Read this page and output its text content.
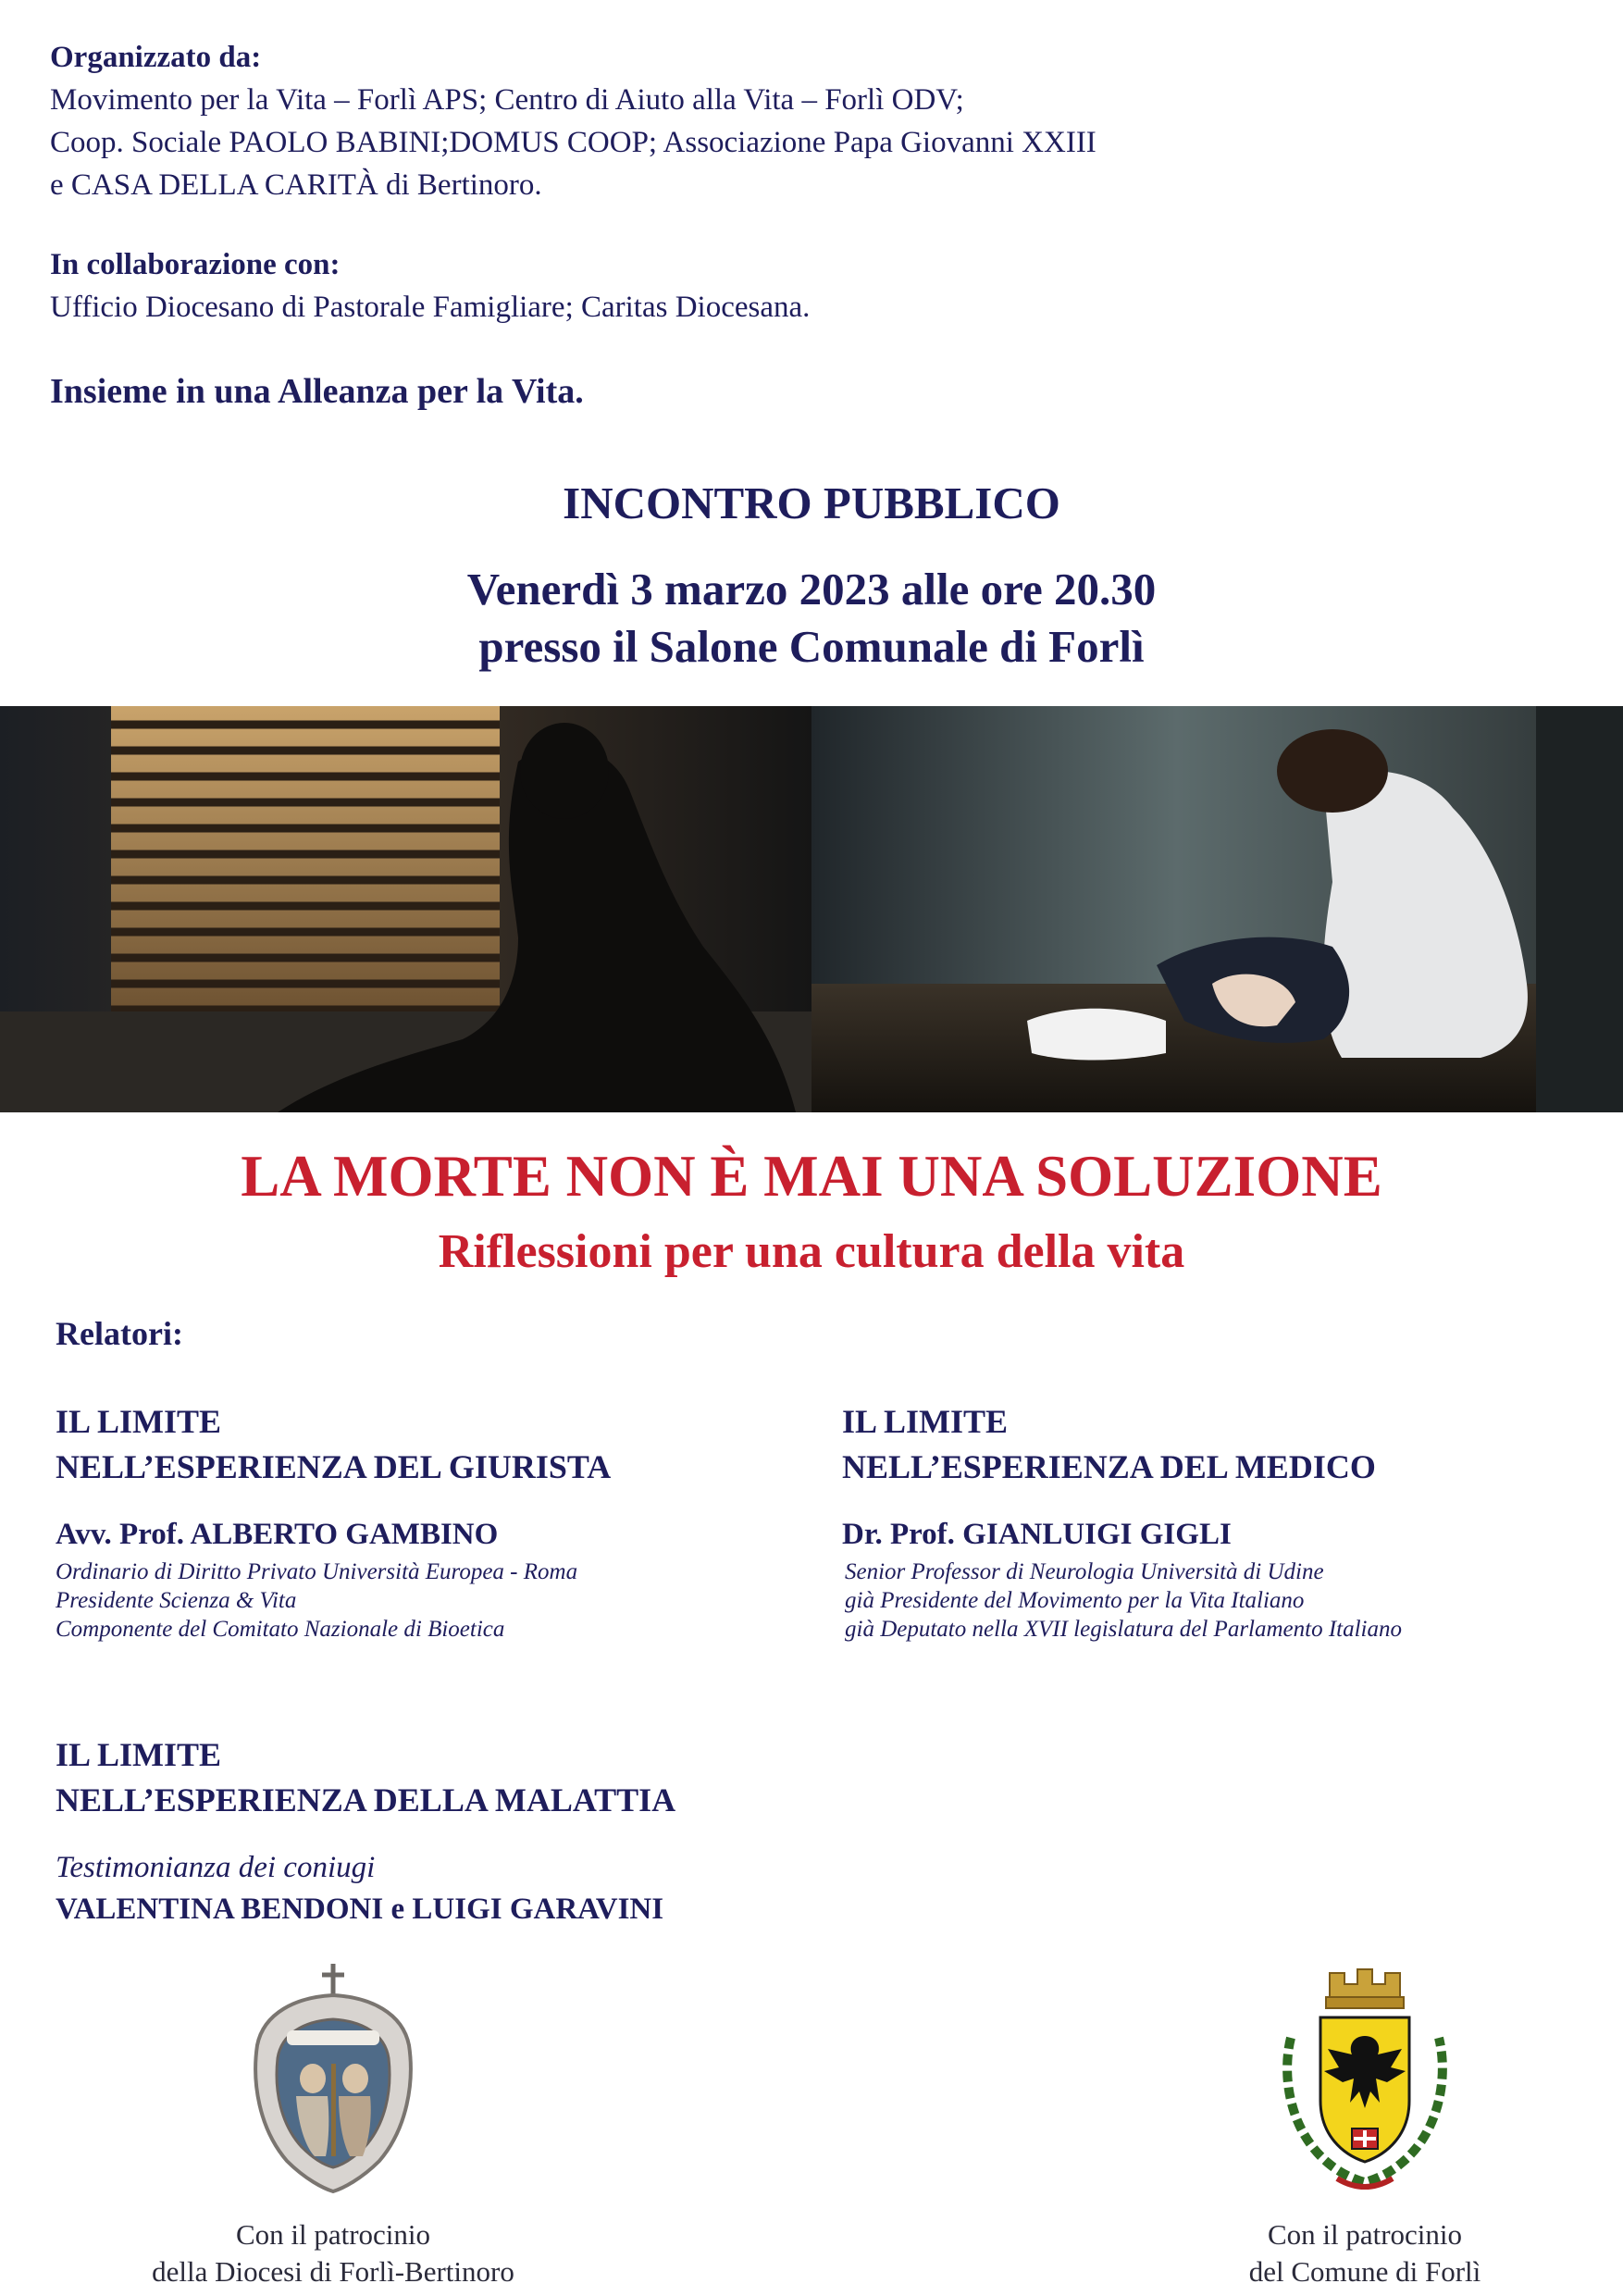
Organizzato da:
Movimento per la Vita – Forlì APS; Centro di Aiuto alla Vita – Forlì ODV;
Coop. Sociale PAOLO BABINI;DOMUS COOP; Associazione Papa Giovanni XXIII
e CASA DELLA CARITÀ di Bertinoro.
In collaborazione con:
Ufficio Diocesano di Pastorale Famigliare; Caritas Diocesana.
Insieme in una Alleanza per la Vita.
INCONTRO PUBBLICO
Venerdì 3 marzo 2023 alle ore 20.30
presso il Salone Comunale di Forlì
LA MORTE NON È MAI UNA SOLUZIONE
Riflessioni per una cultura della vita
Relatori:
IL LIMITE
NELL’ESPERIENZA DEL GIURISTA
Avv. Prof. ALBERTO GAMBINO
Ordinario di Diritto Privato Università Europea - Roma
Presidente Scienza & Vita
Componente del Comitato Nazionale di Bioetica
IL LIMITE
NELL’ESPERIENZA DEL MEDICO
Dr. Prof. GIANLUIGI GIGLI
Senior Professor di Neurologia Università di Udine
già Presidente del Movimento per la Vita Italiano
già Deputato nella XVII legislatura del Parlamento Italiano
IL LIMITE
NELL’ESPERIENZA DELLA MALATTIA
Testimonianza dei coniugi
VALENTINA BENDONI e LUIGI GARAVINI
Con il patrocinio
della Diocesi di Forlì-Bertinoro
Con il patrocinio
del Comune di Forlì
